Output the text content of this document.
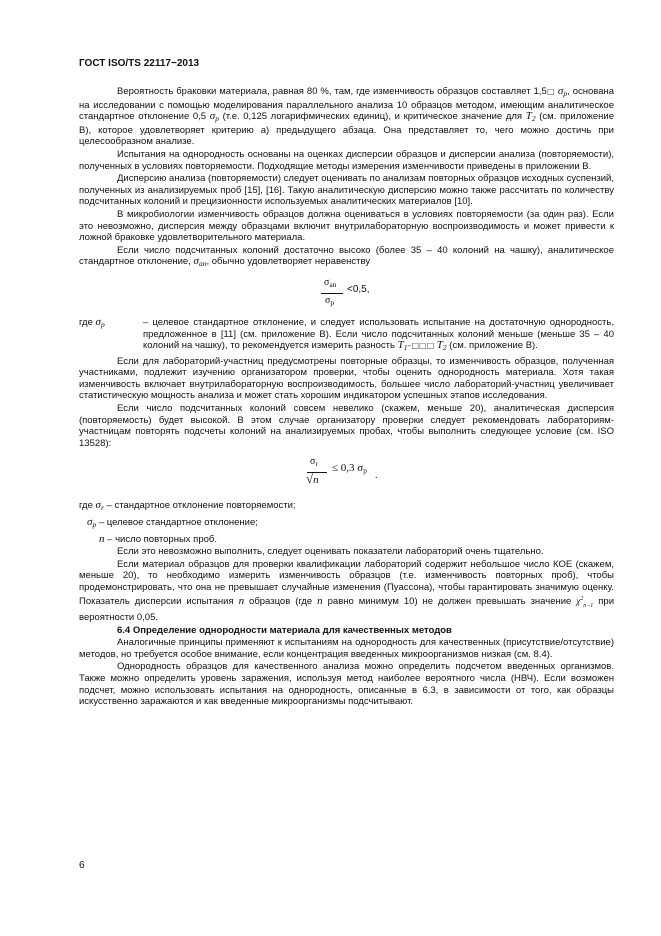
ГОСТ ISO/TS 22117−2013
Вероятность браковки материала, равная 80 %, там, где изменчивость образцов составляет 1,5□ $\sigma_p$, основана на исследовании с помощью моделирования параллельного анализа 10 образцов методом, имеющим аналитическое стандартное отклонение 0,5 $\sigma_p$ (т.е. 0,125 логарифмических единиц), и критическое значение для $T_2$ (см. приложение В), которое удовлетворяет критерию а) предыдущего абзаца. Она представляет то, чего можно достичь при целесообразном анализе.
Испытания на однородность основаны на оценках дисперсии образцов и дисперсии анализа (повторяемости), полученных в условиях повторяемости. Подходящие методы измерения изменчивости приведены в приложении В.
Дисперсию анализа (повторяемости) следует оценивать по анализам повторных образцов исходных суспензий, полученных из анализируемых проб [15], [16]. Такую аналитическую дисперсию можно также рассчитать по количеству подсчитанных колоний и прецизионности используемых аналитических материалов [10].
В микробиологии изменчивость образцов должна оцениваться в условиях повторяемости (за один раз). Если это невозможно, дисперсия между образцами включит внутрилабораторную воспроизводимость и может привести к ложной браковке удовлетворительного материала.
Если число подсчитанных колоний достаточно высоко (более 35 – 40 колоний на чашку), аналитическое стандартное отклонение, $\sigma_{an}$, обычно удовлетворяет неравенству
$\sigma_{an}$
$\sigma_p$
<0,5,
где $\sigma_p$	– целевое стандартное отклонение, и следует использовать испытание на достаточную однородность, предложенное в [11] (см. приложение В). Если число подсчитанных колоний меньше (меньше 35 – 40 колоний на чашку), то рекомендуется измерить разность $T_1-□□□$ $T_2$ (см. приложение В).
Если для лабораторий-участниц предусмотрены повторные образцы, то изменчивость образцов, полученная участниками, подлежит изучению организатором проверки, чтобы оценить однородность материала. Хотя такая изменчивость включает внутрилабораторную воспроизводимость, большее число лабораторий-участниц увеличивает статистическую мощность анализа и может стать хорошим индикатором успешных этапов исследования.
Если число подсчитанных колоний совсем невелико (скажем, меньше 20), аналитическая дисперсия (повторяемость) будет высокой. В этом случае организатору проверки следует рекомендовать лабораториям-участницам повторять подсчеты колоний на анализируемых пробах, чтобы выполнить следующее условие (см. ISO 13528):
$\sigma_r$
√n
≤ 0,3 $\sigma_p$ .
где $\sigma_r$ – стандартное отклонение повторяемости;
$\sigma_p$ – целевое стандартное отклонение;
n – число повторных проб.
Если это невозможно выполнить, следует оценивать показатели лабораторий очень тщательно.
Если материал образцов для проверки квалификации лабораторий содержит небольшое число КОЕ (скажем, меньше 20), то необходимо измерить изменчивость образцов (т.е. изменчивость повторных проб), чтобы продемонстрировать, что она не превышает случайные изменения (Пуассона), чтобы гарантировать значимую оценку. Показатель дисперсии испытания n образцов (где n равно минимум 10) не должен превышать значение $\chi^2_{n-1}$ при вероятности 0,05.
6.4 Определение однородности материала для качественных методов
Аналогичные принципы применяют к испытаниям на однородность для качественных (присутствие/отсутствие) методов, но требуется особое внимание, если концентрация введенных микроорганизмов низкая (см. 8.4).
Однородность образцов для качественного анализа можно определить подсчетом введенных организмов. Также можно определить уровень заражения, используя метод наиболее вероятного числа (НВЧ). Если возможен подсчет, можно использовать испытания на однородность, описанные в 6.3, в зависимости от того, как образцы искусственно заражаются и как введенные микроорганизмы подсчитывают.
6
